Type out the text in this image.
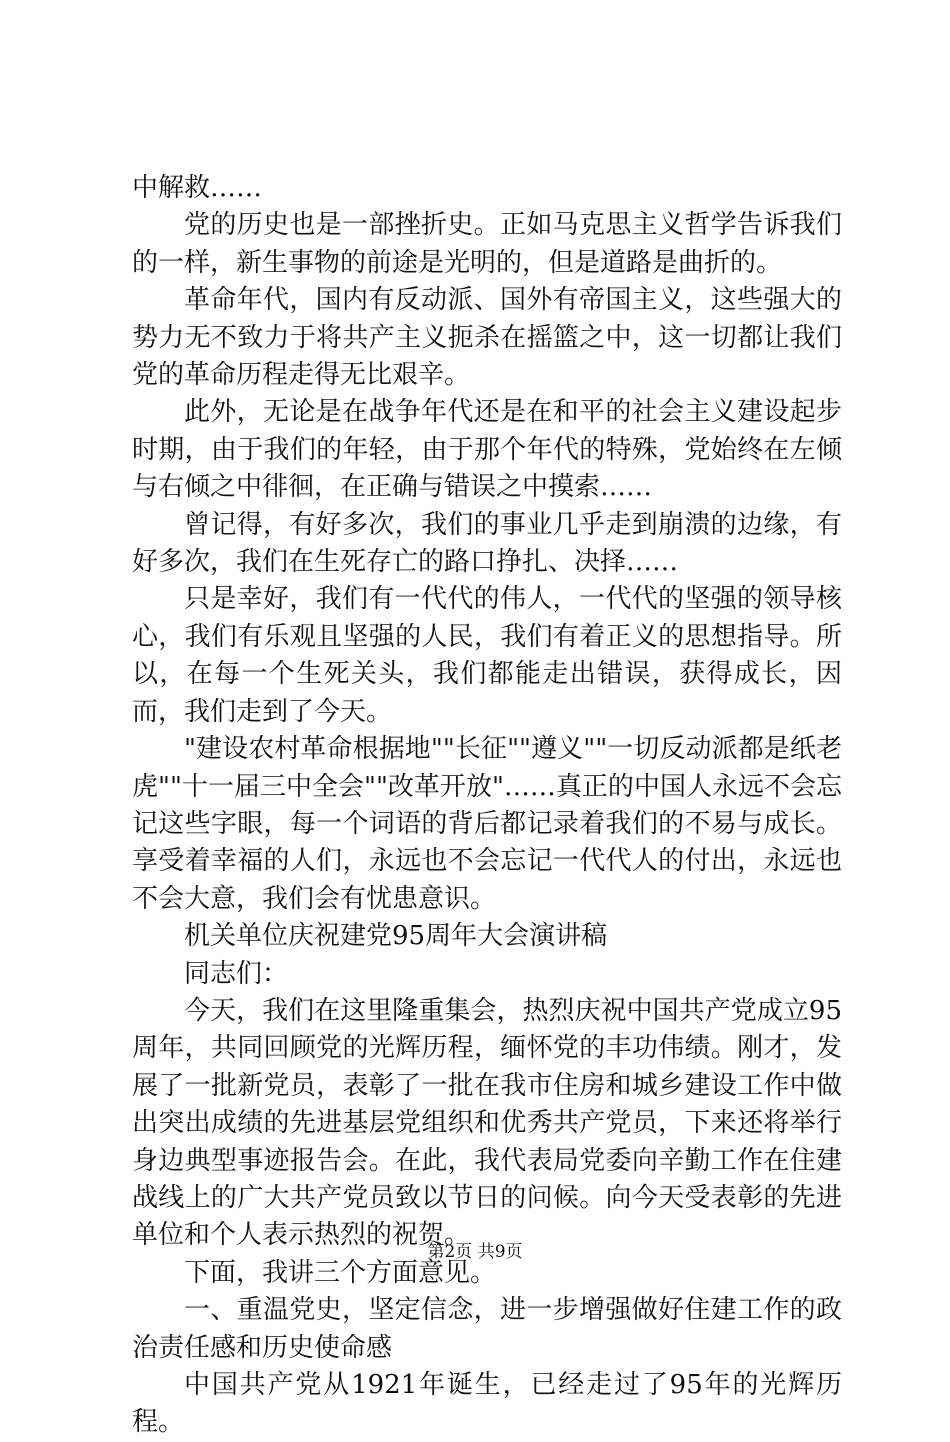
中解救……

党的历史也是一部挫折史。正如马克思主义哲学告诉我们的一样，新生事物的前途是光明的，但是道路是曲折的。

革命年代，国内有反动派、国外有帝国主义，这些强大的势力无不致力于将共产主义扼杀在摇篮之中，这一切都让我们党的革命历程走得无比艰辛。

此外，无论是在战争年代还是在和平的社会主义建设起步时期，由于我们的年轻，由于那个年代的特殊，党始终在左倾与右倾之中徘徊，在正确与错误之中摸索……

曾记得，有好多次，我们的事业几乎走到崩溃的边缘，有好多次，我们在生死存亡的路口挣扎、决择……

只是幸好，我们有一代代的伟人，一代代的坚强的领导核心，我们有乐观且坚强的人民，我们有着正义的思想指导。所以，在每一个生死关头，我们都能走出错误，获得成长，因而，我们走到了今天。

"建设农村革命根据地""长征""遵义""一切反动派都是纸老虎""十一届三中全会""改革开放"……真正的中国人永远不会忘记这些字眼，每一个词语的背后都记录着我们的不易与成长。享受着幸福的人们，永远也不会忘记一代代人的付出，永远也不会大意，我们会有忧患意识。

机关单位庆祝建党95周年大会演讲稿

同志们：

今天，我们在这里隆重集会，热烈庆祝中国共产党成立95周年，共同回顾党的光辉历程，缅怀党的丰功伟绩。刚才，发展了一批新党员，表彰了一批在我市住房和城乡建设工作中做出突出成绩的先进基层党组织和优秀共产党员，下来还将举行身边典型事迹报告会。在此，我代表局党委向辛勤工作在住建战线上的广大共产党员致以节日的问候。向今天受表彰的先进单位和个人表示热烈的祝贺。

下面，我讲三个方面意见。

一、重温党史，坚定信念，进一步增强做好住建工作的政治责任感和历史使命感

中国共产党从1921年诞生，已经走过了95年的光辉历程。

第2页 共9页
